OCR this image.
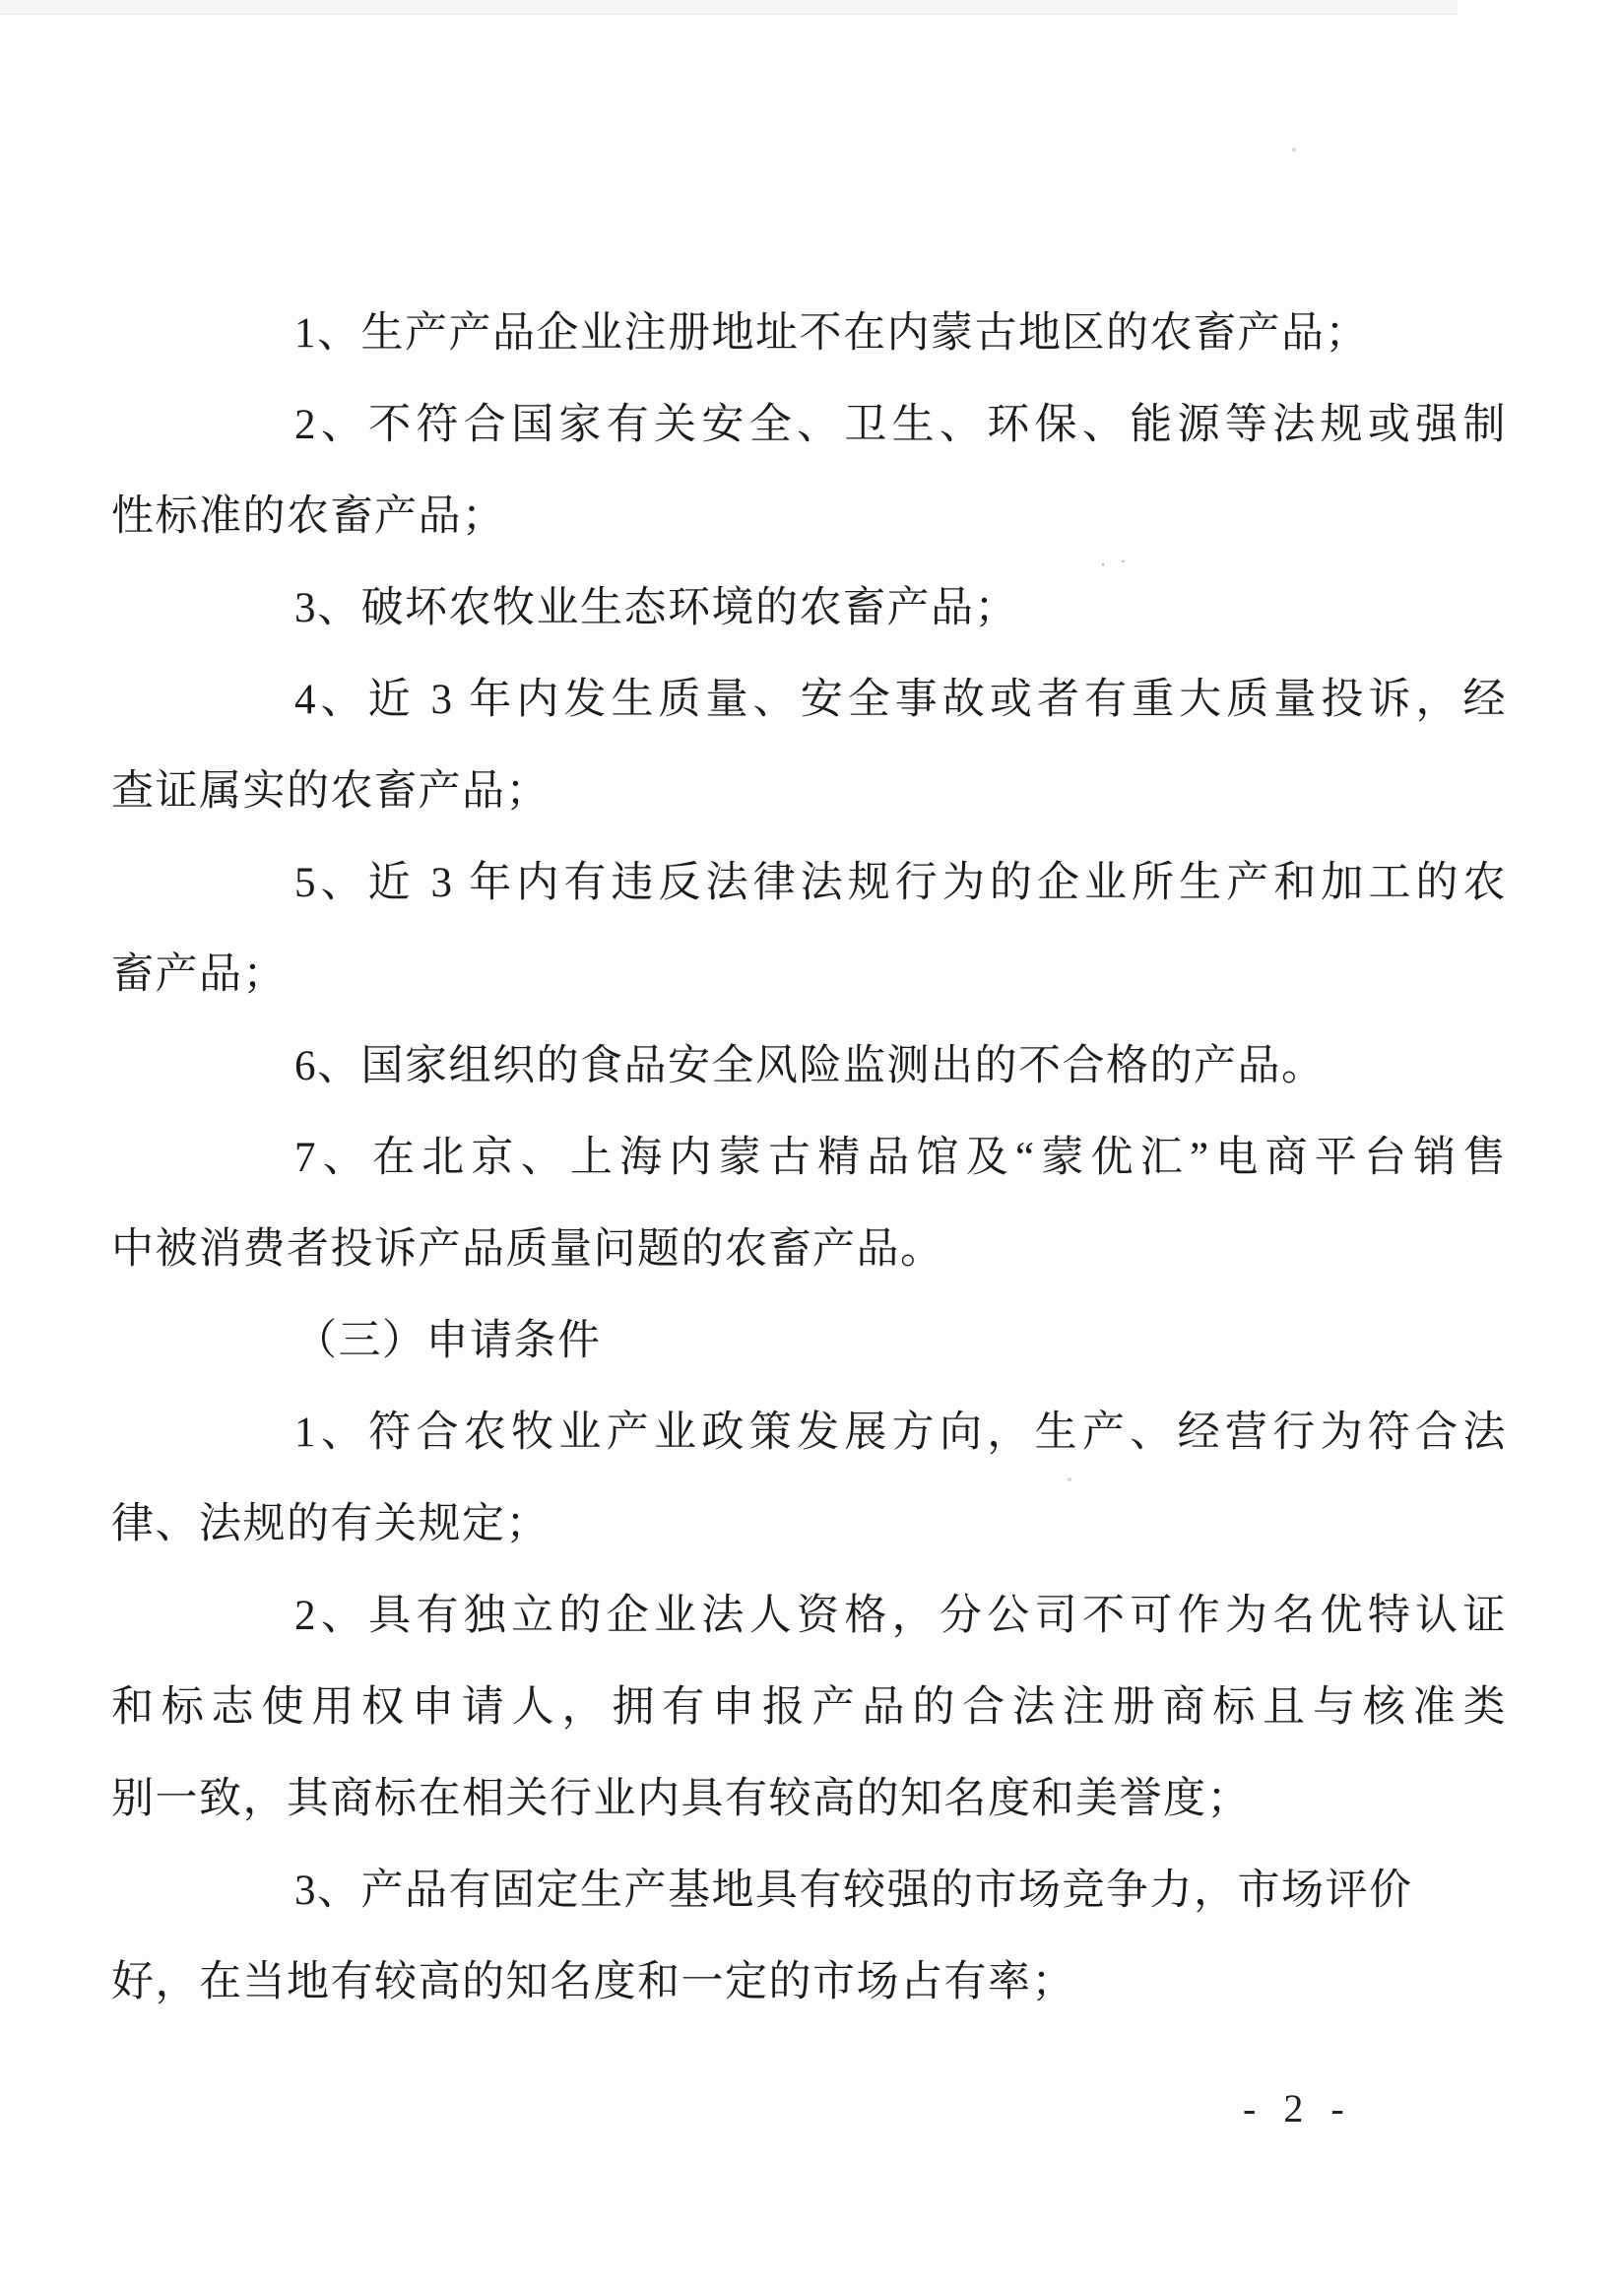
1、生产产品企业注册地址不在内蒙古地区的农畜产品；
2、不符合国家有关安全、卫生、环保、能源等法规或强制
性标准的农畜产品；
3、破坏农牧业生态环境的农畜产品；
4、近 3 年内发生质量、安全事故或者有重大质量投诉，经
查证属实的农畜产品；
5、近 3 年内有违反法律法规行为的企业所生产和加工的农
畜产品；
6、国家组织的食品安全风险监测出的不合格的产品。
7、在北京、上海内蒙古精品馆及“蒙优汇”电商平台销售
中被消费者投诉产品质量问题的农畜产品。
（三）申请条件
1、符合农牧业产业政策发展方向，生产、经营行为符合法
律、法规的有关规定；
2、具有独立的企业法人资格，分公司不可作为名优特认证
和标志使用权申请人，拥有申报产品的合法注册商标且与核准类
别一致，其商标在相关行业内具有较高的知名度和美誉度；
3、产品有固定生产基地具有较强的市场竞争力，市场评价
好，在当地有较高的知名度和一定的市场占有率；
- 2 -
. ·
